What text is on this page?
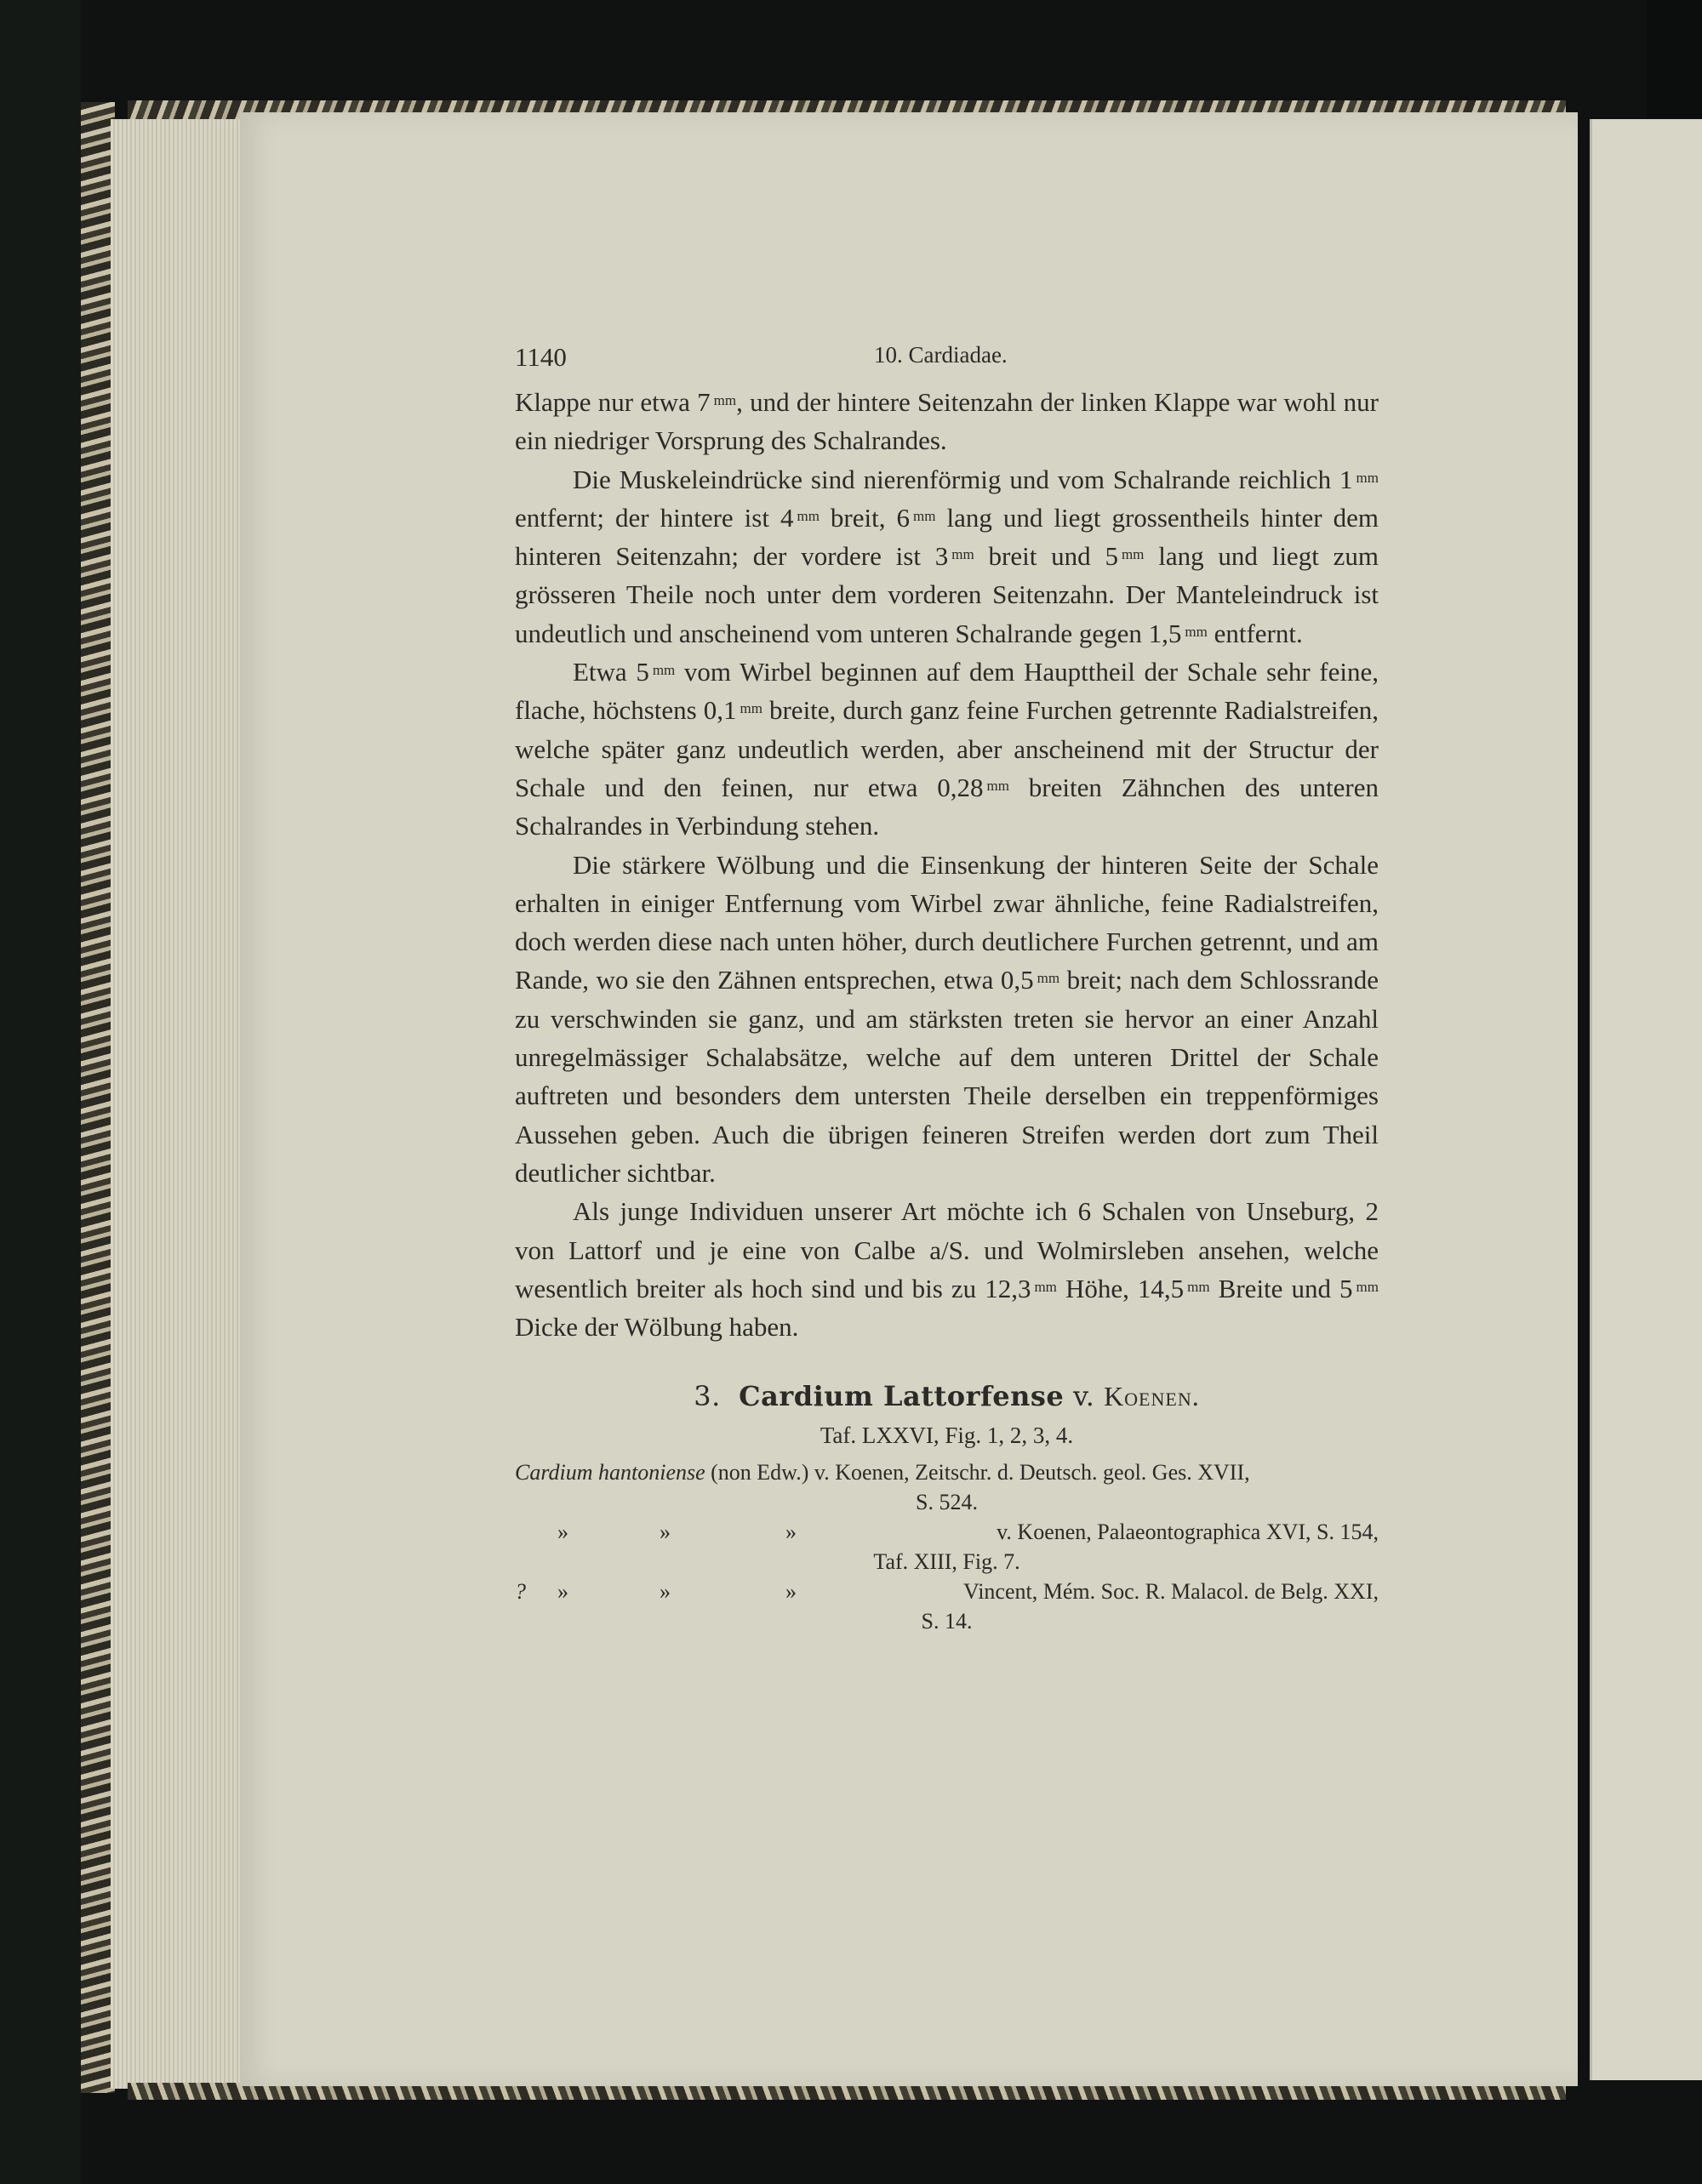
1140	10. Cardiadae.

Klappe nur etwa 7 $^{mm}$, und der hintere Seitenzahn der linken Klappe war wohl nur ein niedriger Vorsprung des Schalrandes.

Die Muskeleindrücke sind nierenförmig und vom Schalrande reichlich 1 $^{mm}$ entfernt; der hintere ist 4 $^{mm}$ breit, 6 $^{mm}$ lang und liegt grossentheils hinter dem hinteren Seitenzahn; der vordere ist 3 $^{mm}$ breit und 5 $^{mm}$ lang und liegt zum grösseren Theile noch unter dem vorderen Seitenzahn. Der Manteleindruck ist undeutlich und anscheinend vom unteren Schalrande gegen 1,5 $^{mm}$ entfernt.

Etwa 5 $^{mm}$ vom Wirbel beginnen auf dem Haupttheil der Schale sehr feine, flache, höchstens 0,1 $^{mm}$ breite, durch ganz feine Furchen getrennte Radialstreifen, welche später ganz undeutlich werden, aber anscheinend mit der Structur der Schale und den feinen, nur etwa 0,28 $^{mm}$ breiten Zähnchen des unteren Schalrandes in Verbindung stehen.

Die stärkere Wölbung und die Einsenkung der hinteren Seite der Schale erhalten in einiger Entfernung vom Wirbel zwar ähnliche, feine Radialstreifen, doch werden diese nach unten höher, durch deutlichere Furchen getrennt, und am Rande, wo sie den Zähnen entsprechen, etwa 0,5 $^{mm}$ breit; nach dem Schlossrande zu verschwinden sie ganz, und am stärksten treten sie hervor an einer Anzahl unregelmässiger Schalabsätze, welche auf dem unteren Drittel der Schale auftreten und besonders dem untersten Theile derselben ein treppenförmiges Aussehen geben. Auch die übrigen feineren Streifen werden dort zum Theil deutlicher sichtbar.

Als junge Individuen unserer Art möchte ich 6 Schalen von Unseburg, 2 von Lattorf und je eine von Calbe a/S. und Wolmirsleben ansehen, welche wesentlich breiter als hoch sind und bis zu 12,3 $^{mm}$ Höhe, 14,5 $^{mm}$ Breite und 5 $^{mm}$ Dicke der Wölbung haben.

3. Cardium Lattorfense v. Koenen.
Taf. LXXVI, Fig. 1, 2, 3, 4.
Cardium hantoniense (non Edw.) v. Koenen, Zeitschr. d. Deutsch. geol. Ges. XVII,
S. 524.
»	»	»	v. Koenen, Palaeontographica XVI, S. 154,
Taf. XIII, Fig. 7.
? »	»	»	Vincent, Mém. Soc. R. Malacol. de Belg. XXI,
S. 14.
